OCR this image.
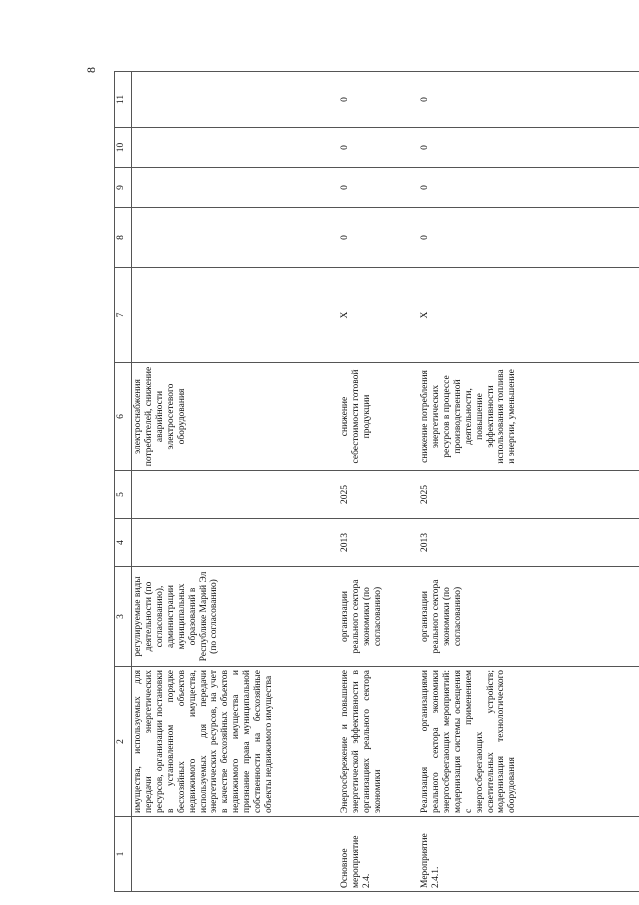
8
1	2	3	4	5	6	7	8	9	10	11
	имущества, используемых для передачи энергетических ресурсов, организации постановки в установленном порядке бесхозяйных объектов недвижимого имущества, используемых для передачи энергетических ресурсов, на учет в качестве бесхозяйных объектов недвижимого имущества и признание права муниципальной собственности на бесхозяйные объекты недвижимого имущества	регулируемые виды деятельности (по согласованию), администрации муниципальных образований в Республике Марий Эл (по согласованию)			электроснабжения потребителей, снижение аварийности электросетевого оборудования					
Основное мероприятие 2.4.	Энергосбережение и повышение энергетической эффективности в организациях реального сектора экономики	организации реального сектора экономики (по согласованию)	2013	2025	снижение себестоимости готовой продукции	Х	0	0	0	0
Мероприятие 2.4.1.	Реализация организациями реального сектора экономики энергосберегающих мероприятий: модернизация системы освещения с применением энергосберегающих осветительных устройств; модернизация технологического оборудования	организации реального сектора экономики (по согласованию)	2013	2025	снижение потребления энергетических ресурсов в процессе производственной деятельности, повышение эффективности использования топлива и энергии, уменьшение	Х	0	0	0	0
